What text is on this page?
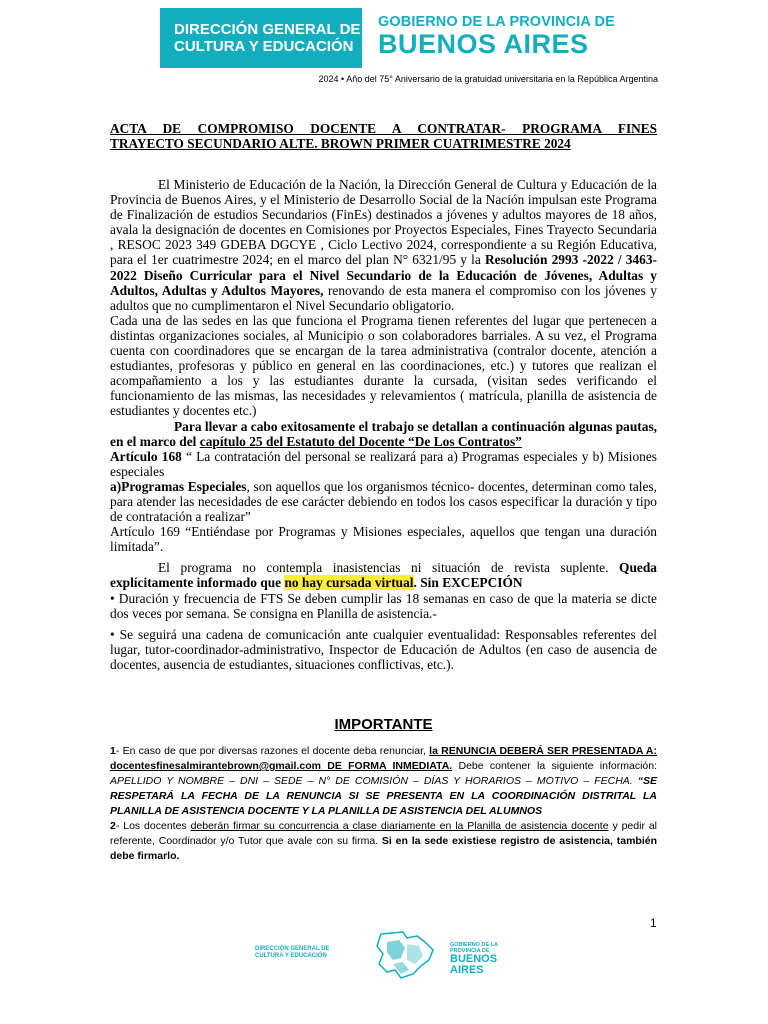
DIRECCIÓN GENERAL DE
CULTURA Y EDUCACIÓN
GOBIERNO DE LA PROVINCIA DE
BUENOS AIRES
2024 • Año del 75° Aniversario de la gratuidad universitaria en la República Argentina
ACTA DE COMPROMISO DOCENTE A CONTRATAR- PROGRAMA FINES
TRAYECTO SECUNDARIO ALTE. BROWN PRIMER CUATRIMESTRE 2024

El Ministerio de Educación de la Nación, la Dirección General de Cultura y Educación de la Provincia de Buenos Aires, y el Ministerio de Desarrollo Social de la Nación impulsan este Programa de Finalización de estudios Secundarios (FinEs) destinados a jóvenes y adultos mayores de 18 años, avala la designación de docentes en Comisiones por Proyectos Especiales, Fines Trayecto Secundaria , RESOC 2023 349 GDEBA DGCYE , Ciclo Lectivo 2024, correspondiente a su Región Educativa, para el 1er cuatrimestre 2024; en el marco del plan N° 6321/95 y la Resolución 2993 -2022 / 3463- 2022 Diseño Curricular para el Nivel Secundario de la Educación de Jóvenes, Adultas y Adultos, Adultas y Adultos Mayores, renovando de esta manera el compromiso con los jóvenes y adultos que no cumplimentaron el Nivel Secundario obligatorio.

Cada una de las sedes en las que funciona el Programa tienen referentes del lugar que pertenecen a distintas organizaciones sociales, al Municipio o son colaboradores barriales. A su vez, el Programa cuenta con coordinadores que se encargan de la tarea administrativa (contralor docente, atención a estudiantes, profesoras y público en general en las coordinaciones, etc.) y tutores que realizan el acompañamiento a los y las estudiantes durante la cursada, (visitan sedes verificando el funcionamiento de las mismas, las necesidades y relevamientos ( matrícula, planilla de asistencia de estudiantes y docentes etc.)

Para llevar a cabo exitosamente el trabajo se detallan a continuación algunas pautas, en el marco del capítulo 25 del Estatuto del Docente “De Los Contratos”

Artículo 168 “ La contratación del personal se realizará para a) Programas especiales y b) Misiones especiales

a)Programas Especiales, son aquellos que los organismos técnico- docentes, determinan como tales, para atender las necesidades de ese carácter debiendo en todos los casos especificar la duración y tipo de contratación a realizar”

Artículo 169 “Entiéndase por Programas y Misiones especiales, aquellos que tengan una duración limitada”.

El programa no contempla inasistencias ni situación de revista suplente. Queda explícitamente informado que no hay cursada virtual. Sin EXCEPCIÓN

• Duración y frecuencia de FTS Se deben cumplir las 18 semanas en caso de que la materia se dicte dos veces por semana. Se consigna en Planilla de asistencia.-

• Se seguirá una cadena de comunicación ante cualquier eventualidad: Responsables referentes del lugar, tutor-coordinador-administrativo, Inspector de Educación de Adultos (en caso de ausencia de docentes, ausencia de estudiantes, situaciones conflictivas, etc.).

IMPORTANTE

1- En caso de que por diversas razones el docente deba renunciar, la RENUNCIA DEBERÁ SER PRESENTADA A: docentesfinesalmirantebrown@gmail.com DE FORMA INMEDIATA. Debe contener la siguiente información: APELLIDO Y NOMBRE – DNI – SEDE – N° DE COMISIÓN – DÍAS Y HORARIOS – MOTIVO – FECHA. “SE RESPETARÁ LA FECHA DE LA RENUNCIA SI SE PRESENTA EN LA COORDINACIÓN DISTRITAL LA PLANILLA DE ASISTENCIA DOCENTE Y LA PLANILLA DE ASISTENCIA DEL ALUMNOS

2- Los docentes deberán firmar su concurrencia a clase diariamente en la Planilla de asistencia docente y pedir al referente, Coordinador y/o Tutor que avale con su firma. Si en la sede existiese registro de asistencia, también debe firmarlo.

1
DIRECCIÓN GENERAL DE
CULTURA Y EDUCACIÓN
GOBIERNO DE LA
PROVINCIA DE
BUENOS
AIRES
